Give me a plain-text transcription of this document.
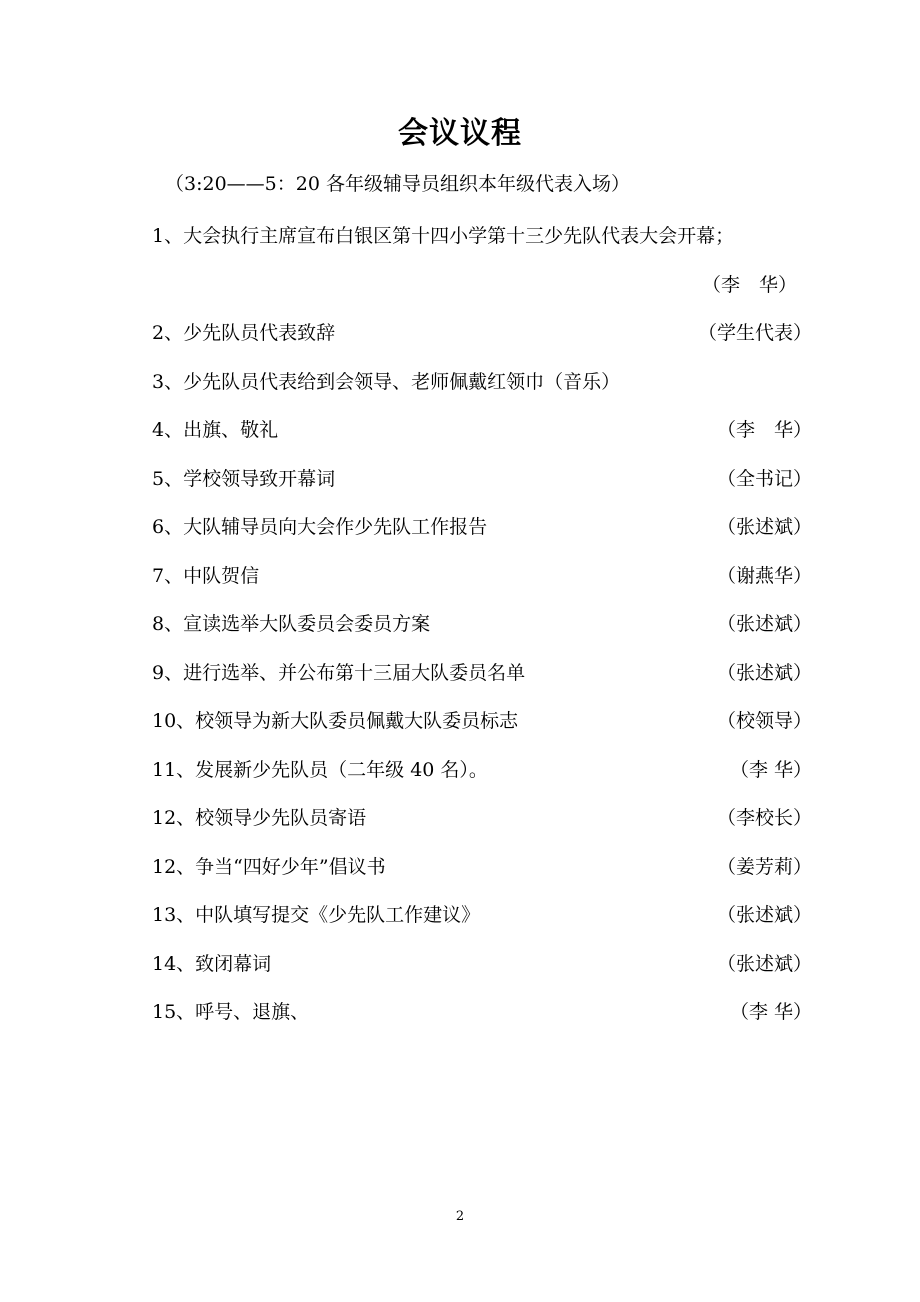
会议议程
（3:20——5：20 各年级辅导员组织本年级代表入场）
1、大会执行主席宣布白银区第十四小学第十三少先队代表大会开幕；
（李　华）
2、少先队员代表致辞	（学生代表）
3、少先队员代表给到会领导、老师佩戴红领巾（音乐）
4、出旗、敬礼	（李　华）
5、学校领导致开幕词	（全书记）
6、大队辅导员向大会作少先队工作报告	（张述斌）
7、中队贺信	（谢燕华）
8、宣读选举大队委员会委员方案	（张述斌）
9、进行选举、并公布第十三届大队委员名单	（张述斌）
10、校领导为新大队委员佩戴大队委员标志	（校领导）
11、发展新少先队员（二年级 40 名）。	（李 华）
12、校领导少先队员寄语	（李校长）
12、争当“四好少年”倡议书	（姜芳莉）
13、中队填写提交《少先队工作建议》	（张述斌）
14、致闭幕词	（张述斌）
15、呼号、退旗、	（李 华）
2
